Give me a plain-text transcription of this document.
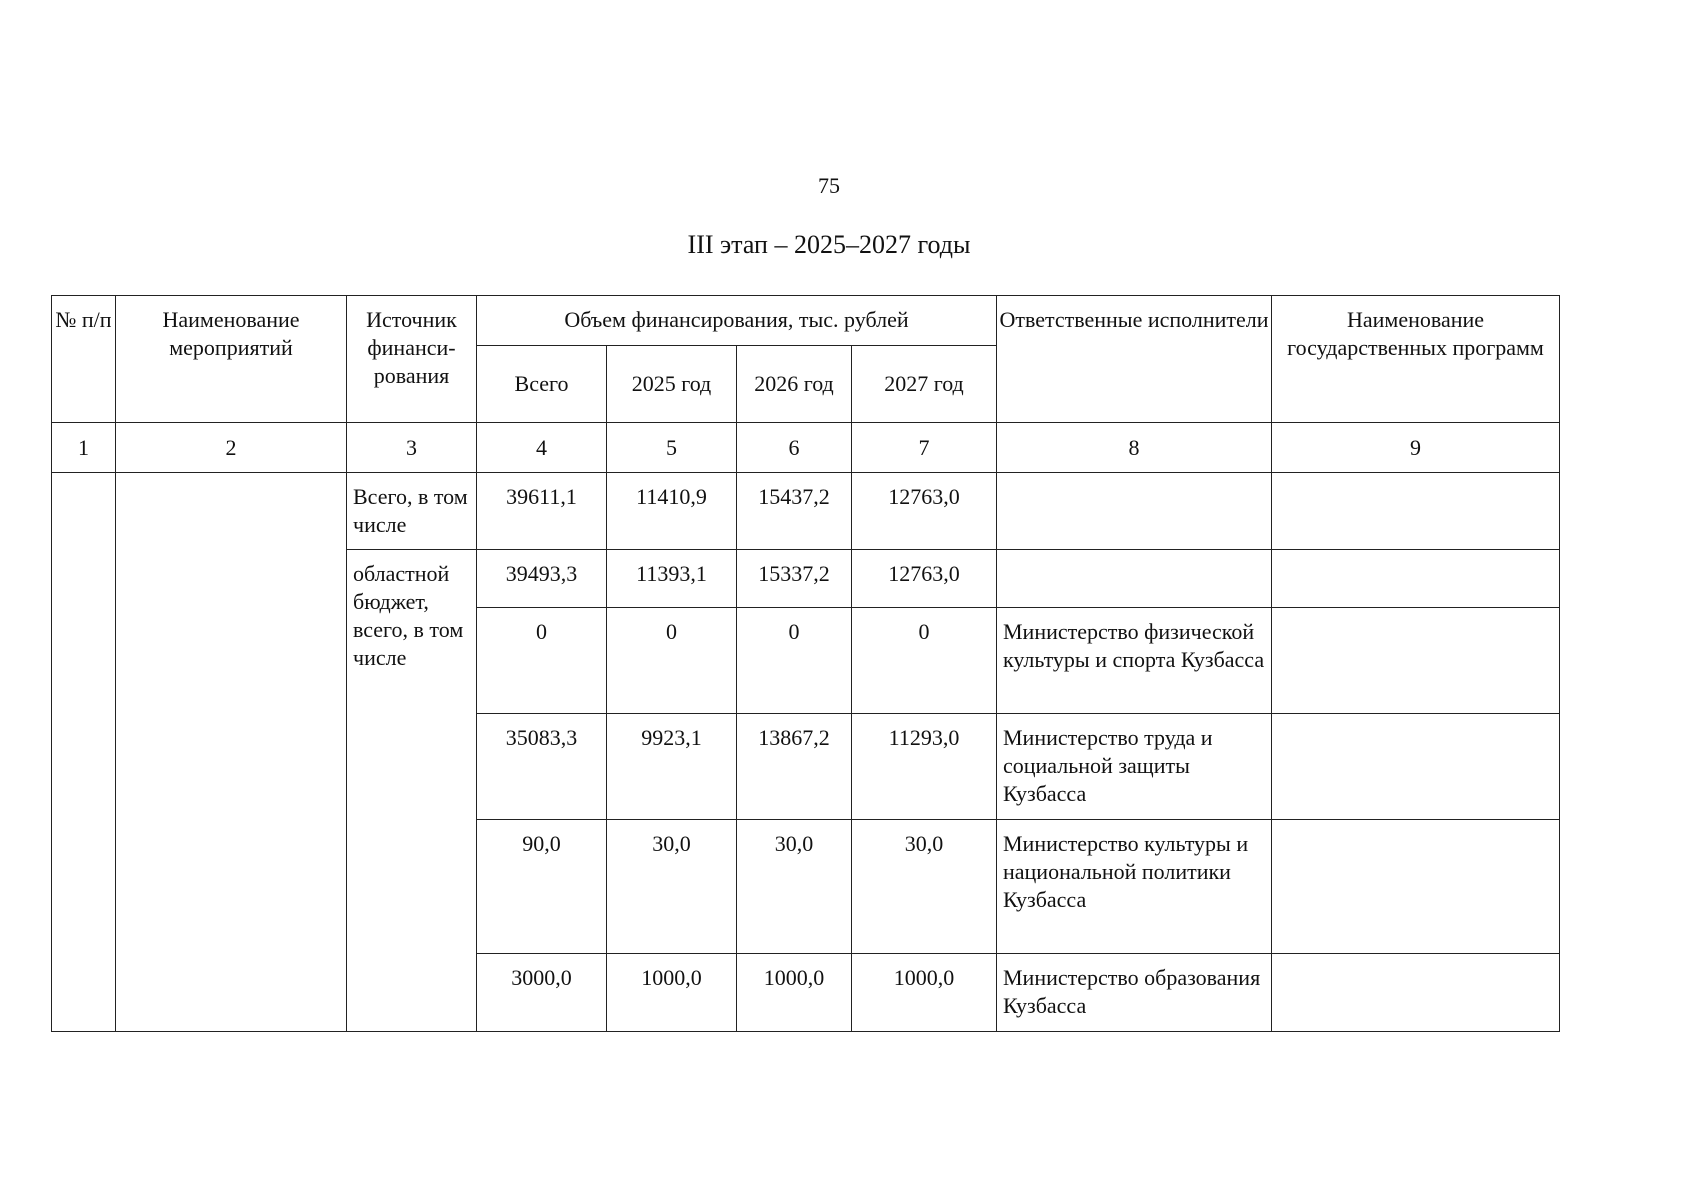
75
III этап – 2025–2027 годы
№ п/п	Наименование мероприятий	Источник финанси-рования	Объем финансирования, тыс. рублей				Ответственные исполнители	Наименование государственных программ
			Всего	2025 год	2026 год	2027 год		
1	2	3	4	5	6	7	8	9
		Всего, в том числе	39611,1	11410,9	15437,2	12763,0		
		областной бюджет, всего, в том числе	39493,3	11393,1	15337,2	12763,0		
			0	0	0	0	Министерство физической культуры и спорта Кузбасса	
			35083,3	9923,1	13867,2	11293,0	Министерство труда и социальной защиты Кузбасса	
			90,0	30,0	30,0	30,0	Министерство культуры и национальной политики Кузбасса	
			3000,0	1000,0	1000,0	1000,0	Министерство образования Кузбасса	
